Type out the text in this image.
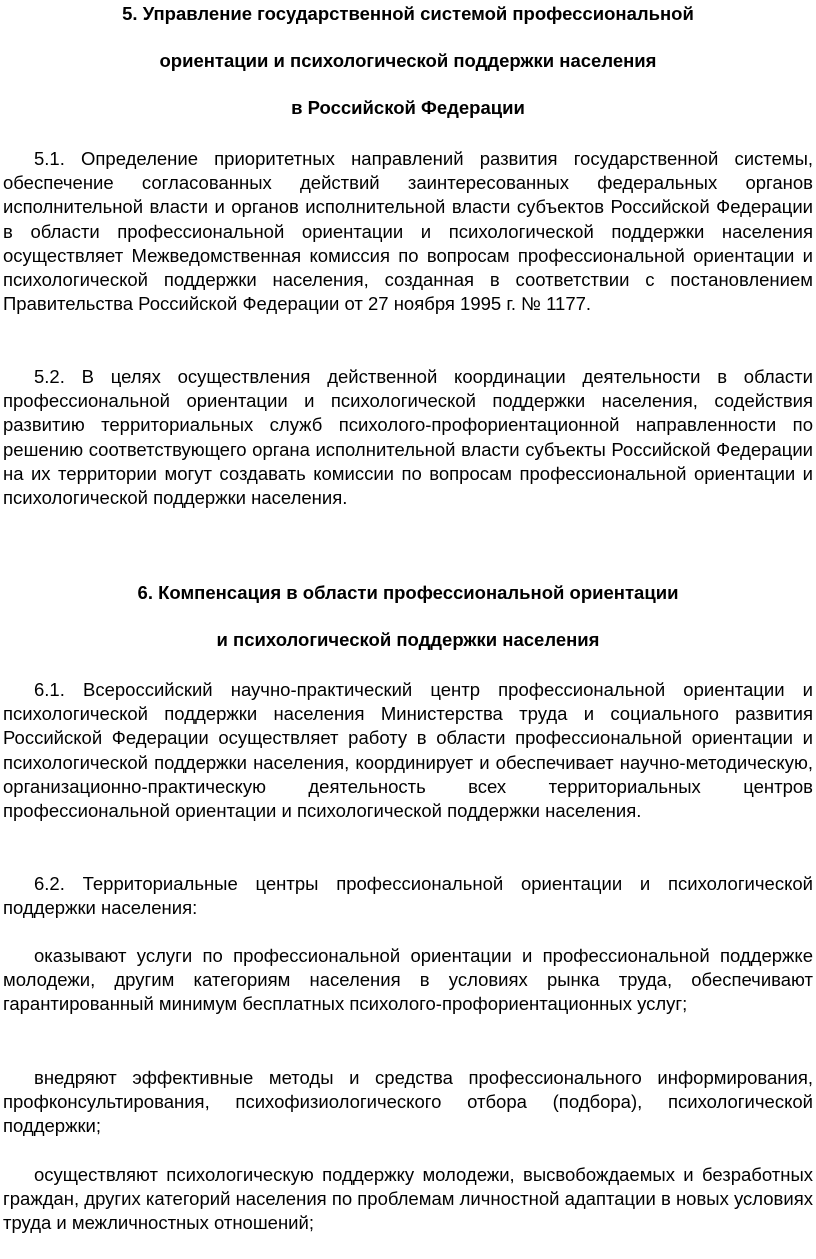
5. Управление государственной системой профессиональной
ориентации и психологической поддержки населения
в Российской Федерации
5.1. Определение приоритетных направлений развития государственной системы, обеспечение согласованных действий заинтересованных федеральных органов исполнительной власти и органов исполнительной власти субъектов Российской Федерации в области профессиональной ориентации и психологической поддержки населения осуществляет Межведомственная комиссия по вопросам профессиональной ориентации и психологической поддержки населения, созданная в соответствии с постановлением Правительства Российской Федерации от 27 ноября 1995 г. № 1177.
5.2. В целях осуществления действенной координации деятельности в области профессиональной ориентации и психологической поддержки населения, содействия развитию территориальных служб психолого-профориентационной направленности по решению соответствующего органа исполнительной власти субъекты Российской Федерации на их территории могут создавать комиссии по вопросам профессиональной ориентации и психологической поддержки населения.
6. Компенсация в области профессиональной ориентации
и психологической поддержки населения
6.1. Всероссийский научно-практический центр профессиональной ориентации и психологической поддержки населения Министерства труда и социального развития Российской Федерации осуществляет работу в области профессиональной ориентации и психологической поддержки населения, координирует и обеспечивает научно-методическую, организационно-практическую деятельность всех территориальных центров профессиональной ориентации и психологической поддержки населения.
6.2. Территориальные центры профессиональной ориентации и психологической поддержки населения:
оказывают услуги по профессиональной ориентации и профессиональной поддержке молодежи, другим категориям населения в условиях рынка труда, обеспечивают гарантированный минимум бесплатных психолого-профориентационных услуг;
внедряют эффективные методы и средства профессионального информирования, профконсультирования, психофизиологического отбора (подбора), психологической поддержки;
осуществляют психологическую поддержку молодежи, высвобождаемых и безработных граждан, других категорий населения по проблемам личностной адаптации в новых условиях труда и межличностных отношений;
